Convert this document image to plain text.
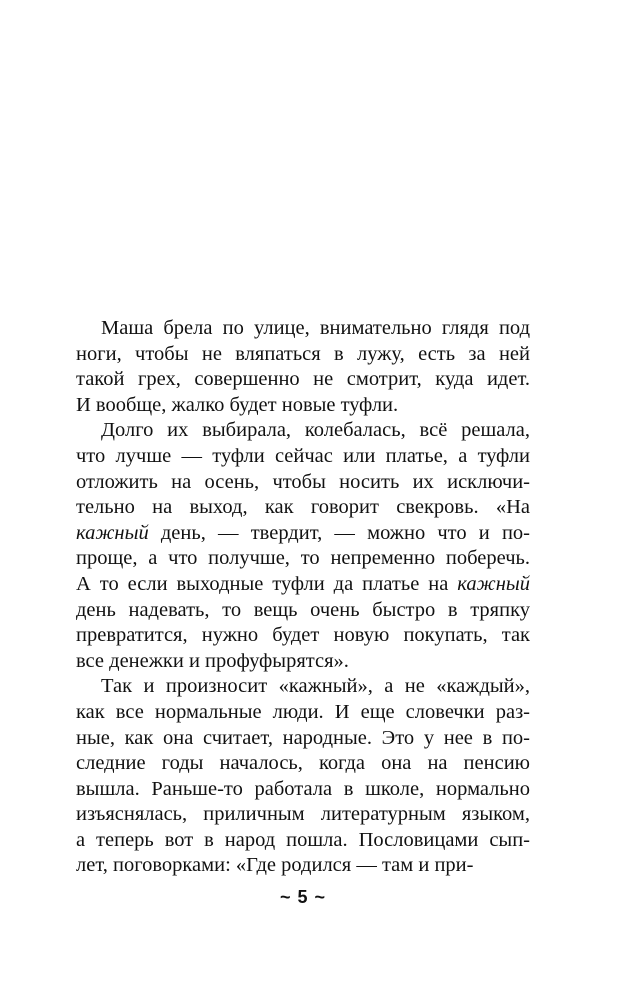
Маша брела по улице, внимательно глядя под
ноги, чтобы не вляпаться в лужу, есть за ней
такой грех, совершенно не смотрит, куда идет.
И вообще, жалко будет новые туфли.
Долго их выбирала, колебалась, всё решала,
что лучше — туфли сейчас или платье, а туфли
отложить на осень, чтобы носить их исключи-
тельно на выход, как говорит свекровь. «На
кажный день, — твердит, — можно что и по-
проще, а что получше, то непременно поберечь.
А то если выходные туфли да платье на кажный
день надевать, то вещь очень быстро в тряпку
превратится, нужно будет новую покупать, так
все денежки и профуфырятся».
Так и произносит «кажный», а не «каждый»,
как все нормальные люди. И еще словечки раз-
ные, как она считает, народные. Это у нее в по-
следние годы началось, когда она на пенсию
вышла. Раньше-то работала в школе, нормально
изъяснялась, приличным литературным языком,
а теперь вот в народ пошла. Пословицами сып-
лет, поговорками: «Где родился — там и при-
~ 5 ~
